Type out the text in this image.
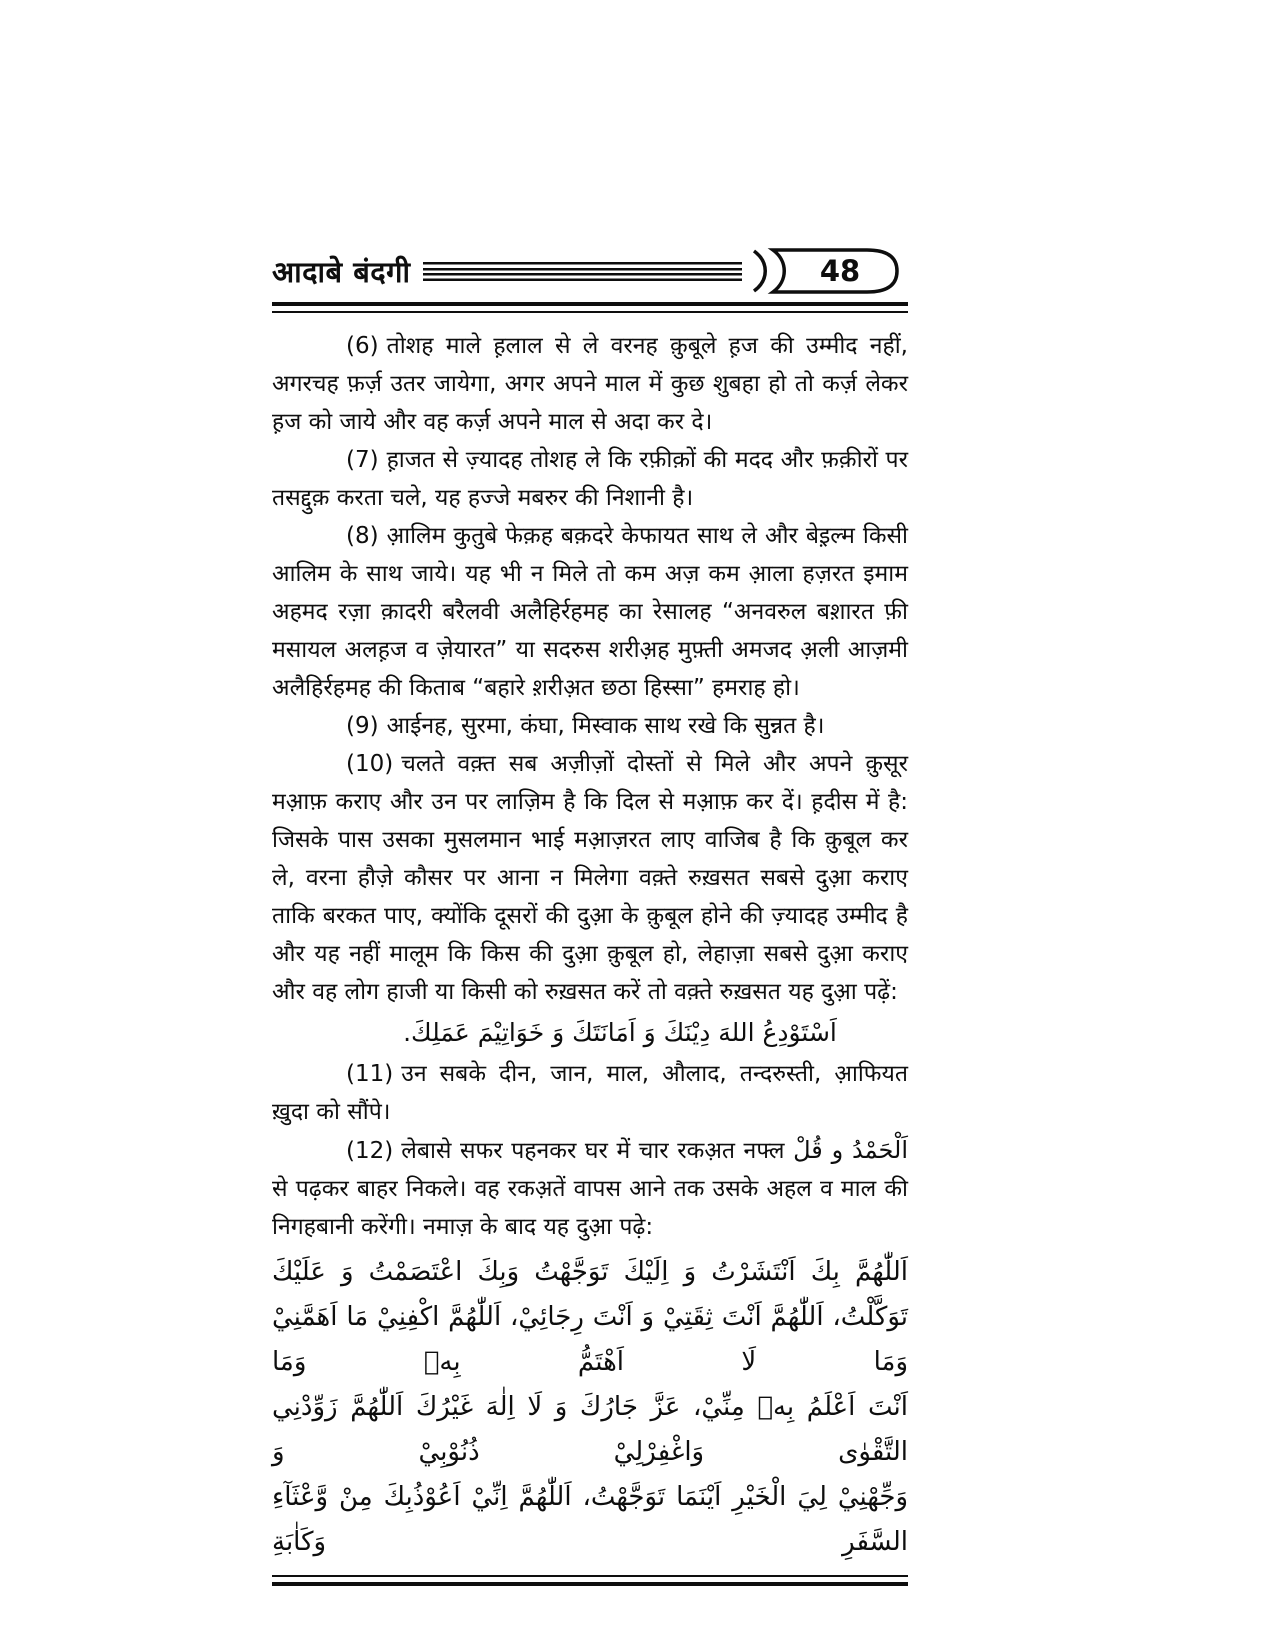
आदाबे बंदगी	48

(6) तोशह माले ह़लाल से ले वरनह क़ुबूले ह़ज की उम्मीद नहीं, अगरचह फ़र्ज़ उतर जायेगा, अगर अपने माल में कुछ शुबहा हो तो कर्ज़ लेकर ह़ज को जाये और वह कर्ज़ अपने माल से अदा कर दे।

(7) ह़ाजत से ज़्यादह तोशह ले कि रफ़ीक़ों की मदद और फ़क़ीरों पर तसद्दुक़ करता चले, यह हज्जे मबरुर की निशानी है।

(8) आ़लिम कुतुबे फेक़ह बक़दरे केफायत साथ ले और बेइ़ल्म किसी आलिम के साथ जाये। यह भी न मिले तो कम अज़ कम आ़ला हज़रत इमाम अहमद रज़ा क़ादरी बरैलवी अलैहिर्रहमह का रेसालह “अनवरुल बश़ारत फ़ी मसायल अलह़ज व ज़ेयारत” या सदरुस शरीअ़ह मुफ़्ती अमजद अ़ली आज़मी अलैहिर्रहमह की किताब “बहारे श़रीअ़त छठा हिस्सा” हमराह हो।

(9) आईनह, सुरमा, कंघा, मिस्वाक साथ रखे कि सुन्नत है।

(10) चलते वक़्त सब अज़ीज़ों दोस्तों से मिले और अपने क़ुसूर मआ़फ़ कराए और उन पर लाज़िम है कि दिल से मआ़फ़ कर दें। ह़दीस में है: जिसके पास उसका मुसलमान भाई मआ़ज़रत लाए वाजिब है कि क़ुबूल कर ले, वरना हौज़े कौसर पर आना न मिलेगा वक़्ते रुख़सत सबसे दुआ़ कराए ताकि बरकत पाए, क्योंकि दूसरों की दुआ़ के क़ुबूल होने की ज़्यादह उम्मीद है और यह नहीं मालूम कि किस की दुआ़ क़ुबूल हो, लेहाज़ा सबसे दुआ़ कराए और वह लोग हाजी या किसी को रुख़सत करें तो वक़्ते रुख़सत यह दुआ़ पढ़ें:

اَسْتَوْدِعُ اللهَ دِيْنَكَ وَ اَمَانَتَكَ وَ خَوَاتِيْمَ عَمَلِكَ.

(11) उन सबके दीन, जान, माल, औलाद, तन्दरुस्ती, आ़फियत ख़ुदा को सौंपे।

(12) लेबासे सफर पहनकर घर में चार रकअ़त नफ्ल اَلْحَمْدُ و قُلْ से पढ़कर बाहर निकले। वह रकअ़तें वापस आने तक उसके अहल व माल की निगहबानी करेंगी। नमाज़ के बाद यह दुआ़ पढ़े:

اَللّٰهُمَّ بِكَ اَنْتَشَرْتُ وَ اِلَيْكَ تَوَجَّهْتُ وَبِكَ اعْتَصَمْتُ وَ عَلَيْكَ
تَوَكَّلْتُ، اَللّٰهُمَّ اَنْتَ ثِقَتِيْ وَ اَنْتَ رِجَائِيْ، اَللّٰهُمَّ اكْفِنِيْ مَا اَهَمَّنِيْ وَمَا لَا اَهْتَمُّ بِهٖ وَمَا
اَنْتَ اَعْلَمُ بِهٖ مِنِّيْ، عَزَّ جَارُكَ وَ لَا اِلٰهَ غَيْرُكَ اَللّٰهُمَّ زَوِّدْنِي التَّقْوٰى وَاغْفِرْلِيْ ذُنُوْبِيْ وَ
وَجِّهْنِيْ لِيَ الْخَيْرِ اَيْنَمَا تَوَجَّهْتُ، اَللّٰهُمَّ اِنِّيْ اَعُوْذُبِكَ مِنْ وَّعْثَآءِ السَّفَرِ وَكَاٰبَةِ
